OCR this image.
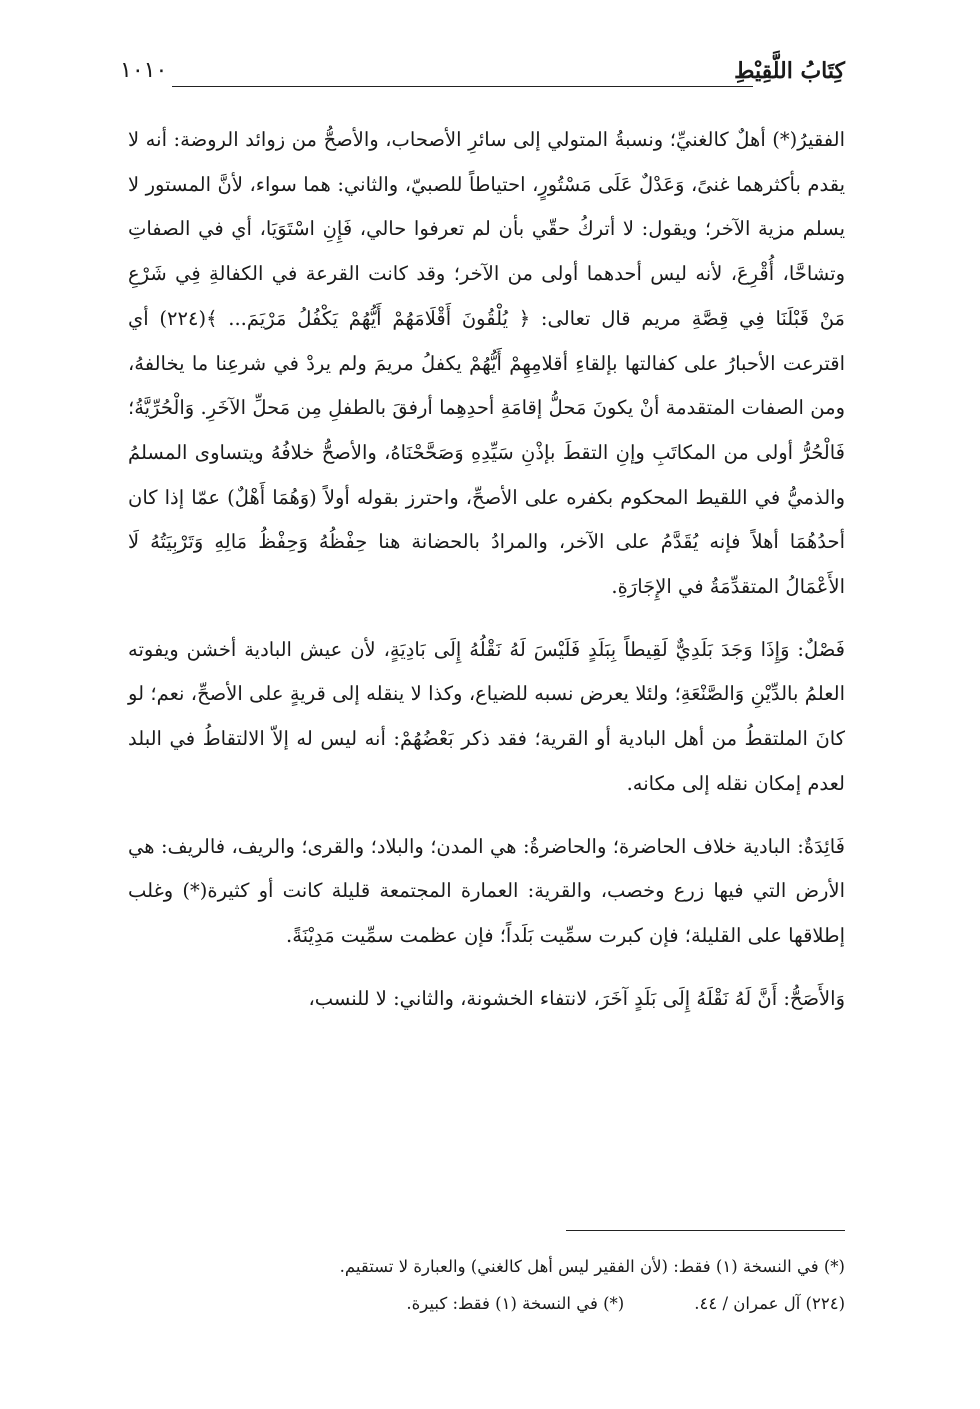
كِتَابُ اللَّقِيْطِ
١٠١٠

الفقيرُ(*) أهلٌ كالغنيِّ؛ ونسبةُ المتولي إلى سائرِ الأصحاب، والأصحُّ من زوائد الروضة: أنه لا يقدم بأكثرهما غنىً، وَعَدْلٌ عَلَى مَسْتُورٍ، احتياطاً للصبيّ، والثاني: هما سواء، لأنَّ المستور لا يسلم مزية الآخر؛ ويقول: لا أتركُ حقّي بأن لم تعرفوا حالي، فَإِنِ اسْتَوَيَا، أي في الصفاتِ وتشاحَّا، أُقْرِعَ، لأنه ليس أحدهما أولى من الآخر؛ وقد كانت القرعة في الكفالةِ فِي شَرْعِ مَنْ قَبْلَنَا فِي قِصَّةِ مريم قال تعالى: ﴿ يُلْقُونَ أَقْلَامَهُمْ أَيُّهُمْ يَكْفُلُ مَرْيَمَ... ﴾(٢٢٤) أي اقترعت الأحبارُ على كفالتها بإلقاءِ أقلامِهِمْ أَيُّهُمْ يكفلُ مريمَ ولم يردْ في شرعِنا ما يخالفهُ، ومن الصفات المتقدمة أنْ يكونَ مَحلُّ إقامَةِ أحدِهِما أرفقَ بالطفلِ مِن مَحلِّ الآخَرِ. وَالْحُرِّيَّةُ؛ فَالْحُرُّ أولى من المكاتَبِ وإنِ التقطَ بإذْنِ سَيِّدِهِ وَصَحَّحْنَاهُ، والأصحُّ خلافُهُ ويتساوى المسلمُ والذميُّ في اللقيط المحكوم بكفره على الأصحِّ، واحترز بقوله أولاً (وَهُمَا أَهْلٌ) عمّا إذا كان أحدُهُمَا أهلاً فإنه يُقَدَّمُ على الآخر، والمرادُ بالحضانة هنا حِفْظُهُ وَحِفْظُ مَالِهِ وَتَرْبِيَتُهُ لَا الأَعْمَالُ المتقدِّمَةُ في الإِجَارَةِ.

فَصْلٌ: وَإِذَا وَجَدَ بَلَدِيٌّ لَقِيطاً بِبَلَدٍ فَلَيْسَ لَهُ نَقْلُهُ إِلَى بَادِيَةٍ، لأن عيش البادية أخشن ويفوته العلمُ بالدِّيْنِ وَالصَّنْعَةِ؛ ولئلا يعرض نسبه للضياع، وكذا لا ينقله إلى قريةٍ على الأصحِّ، نعم؛ لو كانَ الملتقطُ من أهل البادية أو القرية؛ فقد ذكر بَعْضُهُمْ: أنه ليس له إلاّ الالتقاطُ في البلد لعدم إمكان نقله إلى مكانه.

فَائِدَةٌ: البادية خلاف الحاضرة؛ والحاضرةُ: هي المدن؛ والبلاد؛ والقرى؛ والريف، فالريف: هي الأرض التي فيها زرع وخصب، والقرية: العمارة المجتمعة قليلة كانت أو كثيرة(*) وغلب إطلاقها على القليلة؛ فإن كبرت سمِّيت بَلَداً؛ فإن عظمت سمِّيت مَدِيْنَةً.

وَالأَصَحُّ: أَنَّ لَهُ نَقْلَهُ إِلَى بَلَدٍ آخَرَ، لانتفاء الخشونة، والثاني: لا للنسب،

(*) في النسخة (١) فقط: (لأن الفقير ليس أهل كالغني) والعبارة لا تستقيم.

(٢٢٤) آل عمران / ٤٤.

(*) في النسخة (١) فقط: كبيرة.
